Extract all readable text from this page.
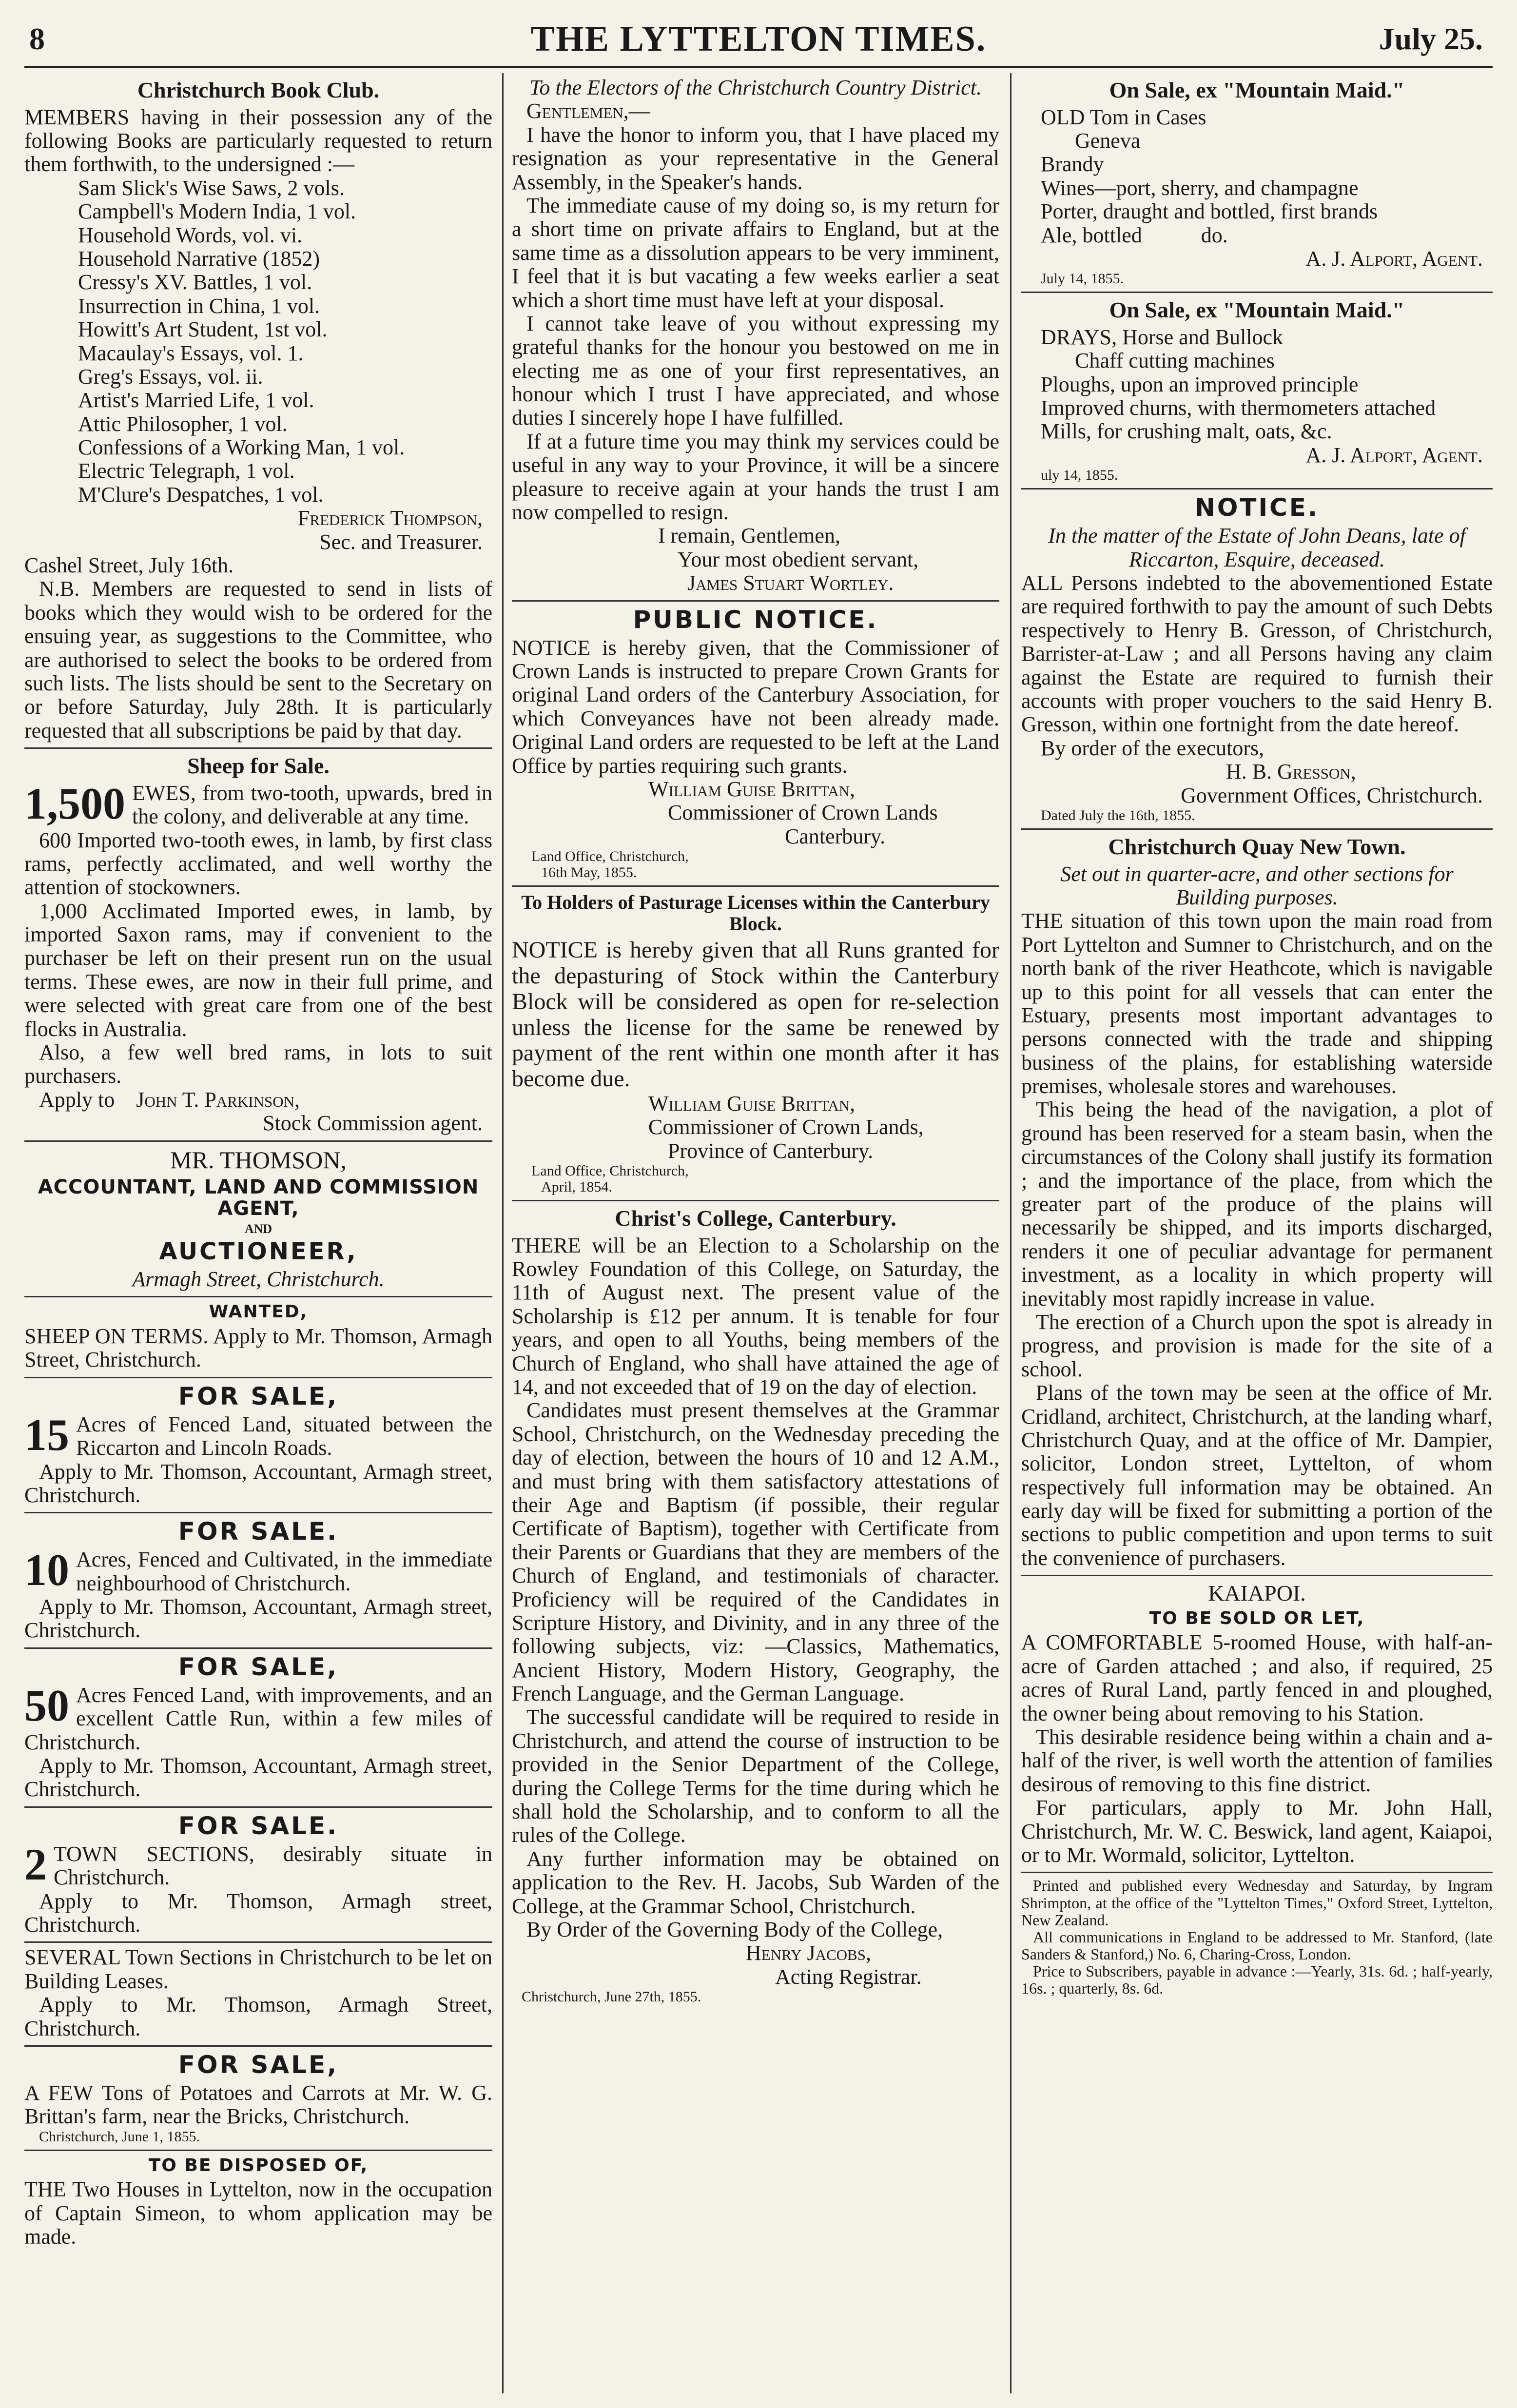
8	THE LYTTELTON TIMES.	July 25.
Christchurch Book Club.

MEMBERS having in their possession any of the following Books are particularly requested to return them forthwith, to the undersigned :—

Sam Slick's Wise Saws, 2 vols.
Campbell's Modern India, 1 vol.
Household Words, vol. vi.
Household Narrative (1852)
Cressy's XV. Battles, 1 vol.
Insurrection in China, 1 vol.
Howitt's Art Student, 1st vol.
Macaulay's Essays, vol. 1.
Greg's Essays, vol. ii.
Artist's Married Life, 1 vol.
Attic Philosopher, 1 vol.
Confessions of a Working Man, 1 vol.
Electric Telegraph, 1 vol.
M'Clure's Despatches, 1 vol.
Frederick Thompson,
Sec. and Treasurer.
Cashel Street, July 16th.

N.B. Members are requested to send in lists of books which they would wish to be ordered for the ensuing year, as suggestions to the Committee, who are authorised to select the books to be ordered from such lists. The lists should be sent to the Secretary on or before Saturday, July 28th. It is particularly requested that all subscriptions be paid by that day.

Sheep for Sale.
1,500 EWES, from two-tooth, upwards, bred in the colony, and deliverable at any time.

600 Imported two-tooth ewes, in lamb, by first class rams, perfectly acclimated, and well worthy the attention of stockowners.

1,000 Acclimated Imported ewes, in lamb, by imported Saxon rams, may if convenient to the purchaser be left on their present run on the usual terms. These ewes, are now in their full prime, and were selected with great care from one of the best flocks in Australia.

Also, a few well bred rams, in lots to suit purchasers.

Apply to John T. Parkinson,
Stock Commission agent.
MR. THOMSON,
ACCOUNTANT, LAND AND COMMISSION AGENT,
AND
AUCTIONEER,
Armagh Street, Christchurch.
WANTED,

SHEEP ON TERMS. Apply to Mr. Thomson, Armagh Street, Christchurch.

FOR SALE,
15 Acres of Fenced Land, situated between the Riccarton and Lincoln Roads.

Apply to Mr. Thomson, Accountant, Armagh street, Christchurch.

FOR SALE.
10 Acres, Fenced and Cultivated, in the immediate neighbourhood of Christchurch.

Apply to Mr. Thomson, Accountant, Armagh street, Christchurch.

FOR SALE,
50 Acres Fenced Land, with improvements, and an excellent Cattle Run, within a few miles of Christchurch.

Apply to Mr. Thomson, Accountant, Armagh street, Christchurch.

FOR SALE.
2 TOWN SECTIONS, desirably situate in Christchurch.

Apply to Mr. Thomson, Armagh street, Christchurch.

SEVERAL Town Sections in Christchurch to be let on Building Leases.

Apply to Mr. Thomson, Armagh Street, Christchurch.

FOR SALE,

A FEW Tons of Potatoes and Carrots at Mr. W. G. Brittan's farm, near the Bricks, Christchurch.

Christchurch, June 1, 1855.
TO BE DISPOSED OF,

THE Two Houses in Lyttelton, now in the occupation of Captain Simeon, to whom application may be made.

To the Electors of the Christchurch Country District.
Gentlemen,—

I have the honor to inform you, that I have placed my resignation as your representative in the General Assembly, in the Speaker's hands.

The immediate cause of my doing so, is my return for a short time on private affairs to England, but at the same time as a dissolution appears to be very imminent, I feel that it is but vacating a few weeks earlier a seat which a short time must have left at your disposal.

I cannot take leave of you without expressing my grateful thanks for the honour you bestowed on me in electing me as one of your first representatives, an honour which I trust I have appreciated, and whose duties I sincerely hope I have fulfilled.

If at a future time you may think my services could be useful in any way to your Province, it will be a sincere pleasure to receive again at your hands the trust I am now compelled to resign.

I remain, Gentlemen,
Your most obedient servant,
James Stuart Wortley.
PUBLIC NOTICE.

NOTICE is hereby given, that the Commissioner of Crown Lands is instructed to prepare Crown Grants for original Land orders of the Canterbury Association, for which Conveyances have not been already made. Original Land orders are requested to be left at the Land Office by parties requiring such grants.

William Guise Brittan,
Commissioner of Crown Lands
Canterbury.
Land Office, Christchurch,
16th May, 1855.
To Holders of Pasturage Licenses within the Canterbury Block.

NOTICE is hereby given that all Runs granted for the depasturing of Stock within the Canterbury Block will be considered as open for re-selection unless the license for the same be renewed by payment of the rent within one month after it has become due.

William Guise Brittan,
Commissioner of Crown Lands,
Province of Canterbury.
Land Office, Christchurch,
April, 1854.
Christ's College, Canterbury.

THERE will be an Election to a Scholarship on the Rowley Foundation of this College, on Saturday, the 11th of August next. The present value of the Scholarship is £12 per annum. It is tenable for four years, and open to all Youths, being members of the Church of England, who shall have attained the age of 14, and not exceeded that of 19 on the day of election.

Candidates must present themselves at the Grammar School, Christchurch, on the Wednesday preceding the day of election, between the hours of 10 and 12 A.M., and must bring with them satisfactory attestations of their Age and Baptism (if possible, their regular Certificate of Baptism), together with Certificate from their Parents or Guardians that they are members of the Church of England, and testimonials of character. Proficiency will be required of the Candidates in Scripture History, and Divinity, and in any three of the following subjects, viz: —Classics, Mathematics, Ancient History, Modern History, Geography, the French Language, and the German Language.

The successful candidate will be required to reside in Christchurch, and attend the course of instruction to be provided in the Senior Department of the College, during the College Terms for the time during which he shall hold the Scholarship, and to conform to all the rules of the College.

Any further information may be obtained on application to the Rev. H. Jacobs, Sub Warden of the College, at the Grammar School, Christchurch.

By Order of the Governing Body of the College,

Henry Jacobs,
Acting Registrar.
Christchurch, June 27th, 1855.
On Sale, ex "Mountain Maid."
OLD Tom in Cases
Geneva
Brandy
Wines—port, sherry, and champagne
Porter, draught and bottled, first brands
Ale, bottled           do.
A. J. Alport, Agent.
July 14, 1855.
On Sale, ex "Mountain Maid."
DRAYS, Horse and Bullock
Chaff cutting machines
Ploughs, upon an improved principle
Improved churns, with thermometers attached
Mills, for crushing malt, oats, &c.
A. J. Alport, Agent.
uly 14, 1855.
NOTICE.
In the matter of the Estate of John Deans, late of Riccarton, Esquire, deceased.

ALL Persons indebted to the abovementioned Estate are required forthwith to pay the amount of such Debts respectively to Henry B. Gresson, of Christchurch, Barrister-at-Law ; and all Persons having any claim against the Estate are required to furnish their accounts with proper vouchers to the said Henry B. Gresson, within one fortnight from the date hereof.

By order of the executors,
H. B. Gresson,
Government Offices, Christchurch.
Dated July the 16th, 1855.
Christchurch Quay New Town.
Set out in quarter-acre, and other sections for Building purposes.

THE situation of this town upon the main road from Port Lyttelton and Sumner to Christchurch, and on the north bank of the river Heathcote, which is navigable up to this point for all vessels that can enter the Estuary, presents most important advantages to persons connected with the trade and shipping business of the plains, for establishing waterside premises, wholesale stores and warehouses.

This being the head of the navigation, a plot of ground has been reserved for a steam basin, when the circumstances of the Colony shall justify its formation ; and the importance of the place, from which the greater part of the produce of the plains will necessarily be shipped, and its imports discharged, renders it one of peculiar advantage for permanent investment, as a locality in which property will inevitably most rapidly increase in value.

The erection of a Church upon the spot is already in progress, and provision is made for the site of a school.

Plans of the town may be seen at the office of Mr. Cridland, architect, Christchurch, at the landing wharf, Christchurch Quay, and at the office of Mr. Dampier, solicitor, London street, Lyttelton, of whom respectively full information may be obtained. An early day will be fixed for submitting a portion of the sections to public competition and upon terms to suit the convenience of purchasers.

KAIAPOI.
TO BE SOLD OR LET,

A COMFORTABLE 5-roomed House, with half-an-acre of Garden attached ; and also, if required, 25 acres of Rural Land, partly fenced in and ploughed, the owner being about removing to his Station.

This desirable residence being within a chain and a-half of the river, is well worth the attention of families desirous of removing to this fine district.

For particulars, apply to Mr. John Hall, Christchurch, Mr. W. C. Beswick, land agent, Kaiapoi, or to Mr. Wormald, solicitor, Lyttelton.

Printed and published every Wednesday and Saturday, by Ingram Shrimpton, at the office of the "Lyttelton Times," Oxford Street, Lyttelton, New Zealand.

All communications in England to be addressed to Mr. Stanford, (late Sanders & Stanford,) No. 6, Charing-Cross, London.

Price to Subscribers, payable in advance :—Yearly, 31s. 6d. ; half-yearly, 16s. ; quarterly, 8s. 6d.
